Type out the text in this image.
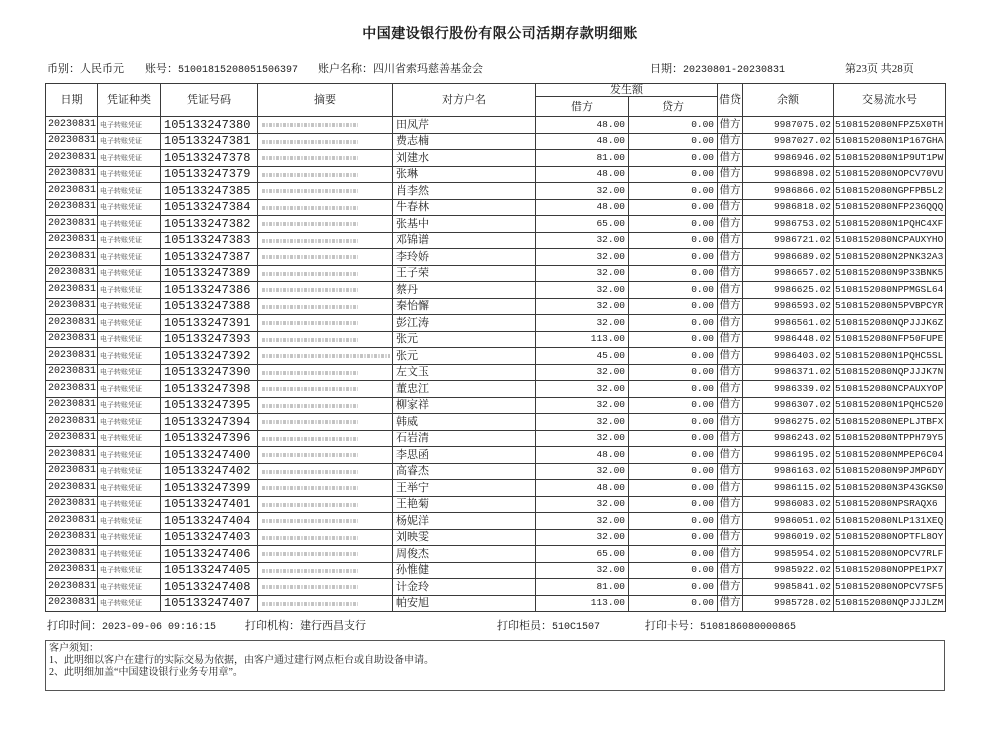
中国建设银行股份有限公司活期存款明细账
币别：人民币元 账号：51001815208051506397 账户名称：四川省索玛慈善基金会	日期：20230801-20230831	第23页 共28页
日期	凭证种类	凭证号码	摘要	对方户名	发生额		借贷	余额	交易流水号
					借方	贷方			
20230831	电子转账凭证	105133247380		田凤芹	48.00	0.00	借方	9987075.02	5108152080NFPZ5X0TH
20230831	电子转账凭证	105133247381		费志楠	48.00	0.00	借方	9987027.02	5108152080N1P167GHA
20230831	电子转账凭证	105133247378		刘建水	81.00	0.00	借方	9986946.02	5108152080N1P9UT1PW
20230831	电子转账凭证	105133247379		张琳	48.00	0.00	借方	9986898.02	5108152080NOPCV70VU
20230831	电子转账凭证	105133247385		肖李然	32.00	0.00	借方	9986866.02	5108152080NGPFPB5L2
20230831	电子转账凭证	105133247384		牛春林	48.00	0.00	借方	9986818.02	5108152080NFP236QQQ
20230831	电子转账凭证	105133247382		张基中	65.00	0.00	借方	9986753.02	5108152080N1PQHC4XF
20230831	电子转账凭证	105133247383		邓锦谱	32.00	0.00	借方	9986721.02	5108152080NCPAUXYHO
20230831	电子转账凭证	105133247387		李玲娇	32.00	0.00	借方	9986689.02	5108152080N2PNK32A3
20230831	电子转账凭证	105133247389		王子荣	32.00	0.00	借方	9986657.02	5108152080N9P33BNK5
20230831	电子转账凭证	105133247386		蔡丹	32.00	0.00	借方	9986625.02	5108152080NPPMGSL64
20230831	电子转账凭证	105133247388		秦怡懈	32.00	0.00	借方	9986593.02	5108152080N5PVBPCYR
20230831	电子转账凭证	105133247391		彭江涛	32.00	0.00	借方	9986561.02	5108152080NQPJJJK6Z
20230831	电子转账凭证	105133247393		张元	113.00	0.00	借方	9986448.02	5108152080NFP50FUPE
20230831	电子转账凭证	105133247392		张元	45.00	0.00	借方	9986403.02	5108152080N1PQHC5SL
20230831	电子转账凭证	105133247390		左文玉	32.00	0.00	借方	9986371.02	5108152080NQPJJJK7N
20230831	电子转账凭证	105133247398		董忠江	32.00	0.00	借方	9986339.02	5108152080NCPAUXYOP
20230831	电子转账凭证	105133247395		柳家祥	32.00	0.00	借方	9986307.02	5108152080N1PQHC520
20230831	电子转账凭证	105133247394		韩威	32.00	0.00	借方	9986275.02	5108152080NEPLJTBFX
20230831	电子转账凭证	105133247396		石岩清	32.00	0.00	借方	9986243.02	5108152080NTPPH79Y5
20230831	电子转账凭证	105133247400		李思函	48.00	0.00	借方	9986195.02	5108152080NMPEP6C04
20230831	电子转账凭证	105133247402		高睿杰	32.00	0.00	借方	9986163.02	5108152080N9PJMP6DY
20230831	电子转账凭证	105133247399		王举宁	48.00	0.00	借方	9986115.02	5108152080N3P43GKS0
20230831	电子转账凭证	105133247401		王艳菊	32.00	0.00	借方	9986083.02	5108152080NPSRAQX6
20230831	电子转账凭证	105133247404		杨妮洋	32.00	0.00	借方	9986051.02	5108152080NLP131XEQ
20230831	电子转账凭证	105133247403		刘映雯	32.00	0.00	借方	9986019.02	5108152080NOPTFL8OY
20230831	电子转账凭证	105133247406		周俊杰	65.00	0.00	借方	9985954.02	5108152080NOPCV7RLF
20230831	电子转账凭证	105133247405		孙惟健	32.00	0.00	借方	9985922.02	5108152080NOPPE1PX7
20230831	电子转账凭证	105133247408		计金玲	81.00	0.00	借方	9985841.02	5108152080NOPCV7SF5
20230831	电子转账凭证	105133247407		帕安旭	113.00	0.00	借方	9985728.02	5108152080NQPJJJLZM
打印时间：2023-09-06 09:16:15	打印机构：建行西昌支行	打印柜员：510C1507	打印卡号：5108186080000865
客户须知：
1、此明细以客户在建行的实际交易为依据，由客户通过建行网点柜台或自助设备申请。
2、此明细加盖“中国建设银行业务专用章”。
